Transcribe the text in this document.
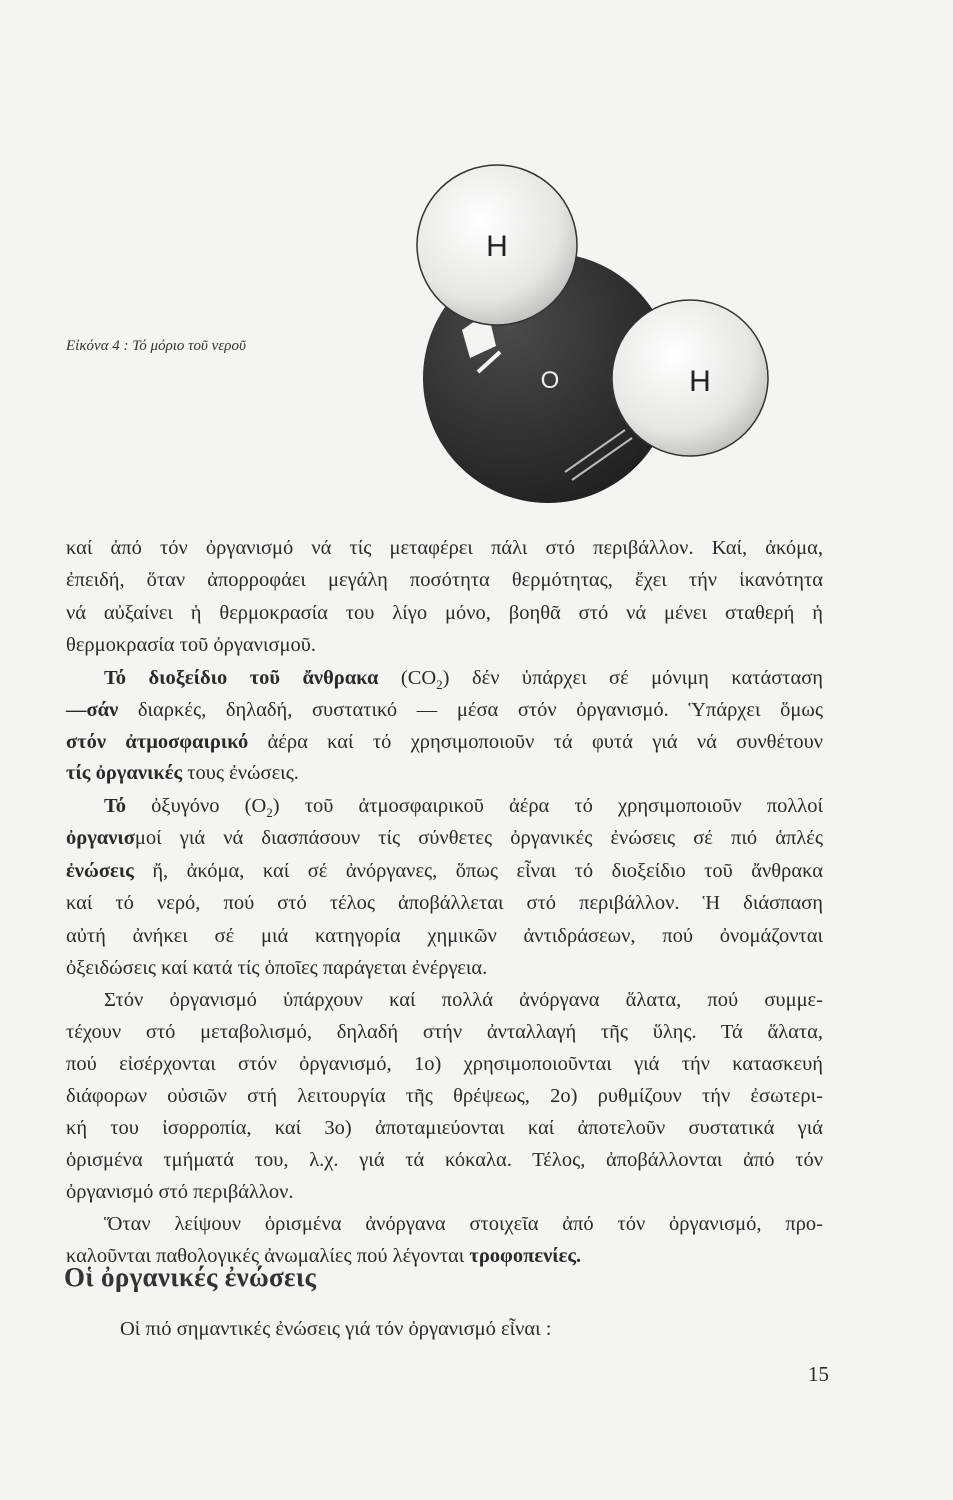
H
O	H
Εἰκόνα 4 : Τό μόριο τοῦ νεροῦ
καί ἀπό τόν ὀργανισμό νά τίς μεταφέρει πάλι στό περιβάλλον. Καί, ἀκόμα,
ἐπειδή, ὅταν ἀπορροφάει μεγάλη ποσότητα θερμότητας, ἔχει τήν ἱκανότητα
νά αὐξαίνει ἡ θερμοκρασία του λίγο μόνο, βοηθᾶ στό νά μένει σταθερή ἡ
θερμοκρασία τοῦ ὀργανισμοῦ.
Τό διοξείδιο τοῦ ἄνθρακα $(CO_2)$ δέν ὑπάρχει σέ μόνιμη κατάσταση
—σάν διαρκές, δηλαδή, συστατικό — μέσα στόν ὀργανισμό. Ὑπάρχει ὅμως
στόν ἀτμοσφαιρικό ἀέρα καί τό χρησιμοποιοῦν τά φυτά γιά νά συνθέτουν
τίς ὀργανικές τους ἐνώσεις.
Τό ὀξυγόνο $(O_2)$ τοῦ ἀτμοσφαιρικοῦ ἀέρα τό χρησιμοποιοῦν πολλοί
ὀργανισμοί γιά νά διασπάσουν τίς σύνθετες ὀργανικές ἐνώσεις σέ πιό ἁπλές
ἐνώσεις ἤ, ἀκόμα, καί σέ ἀνόργανες, ὅπως εἶναι τό διοξείδιο τοῦ ἄνθρακα
καί τό νερό, πού στό τέλος ἀποβάλλεται στό περιβάλλον. Ἡ διάσπαση
αὐτή ἀνήκει σέ μιά κατηγορία χημικῶν ἀντιδράσεων, πού ὀνομάζονται
ὀξειδώσεις καί κατά τίς ὁποῖες παράγεται ἐνέργεια.
Στόν ὀργανισμό ὑπάρχουν καί πολλά ἀνόργανα ἅλατα, πού συμμε-
τέχουν στό μεταβολισμό, δηλαδή στήν ἀνταλλαγή τῆς ὕλης. Τά ἅλατα,
πού εἰσέρχονται στόν ὀργανισμό, 1ο) χρησιμοποιοῦνται γιά τήν κατασκευή
διάφορων οὐσιῶν στή λειτουργία τῆς θρέψεως, 2ο) ρυθμίζουν τήν ἐσωτερι-
κή του ἰσορροπία, καί 3ο) ἀποταμιεύονται καί ἀποτελοῦν συστατικά γιά
ὁρισμένα τμήματά του, λ.χ. γιά τά κόκαλα. Τέλος, ἀποβάλλονται ἀπό τόν
ὀργανισμό στό περιβάλλον.
Ὅταν λείψουν ὁρισμένα ἀνόργανα στοιχεῖα ἀπό τόν ὀργανισμό, προ-
καλοῦνται παθολογικές ἀνωμαλίες πού λέγονται τροφοπενίες.
Οἱ ὀργανικές ἐνώσεις
Οἱ πιό σημαντικές ἐνώσεις γιά τόν ὀργανισμό εἶναι :
15
